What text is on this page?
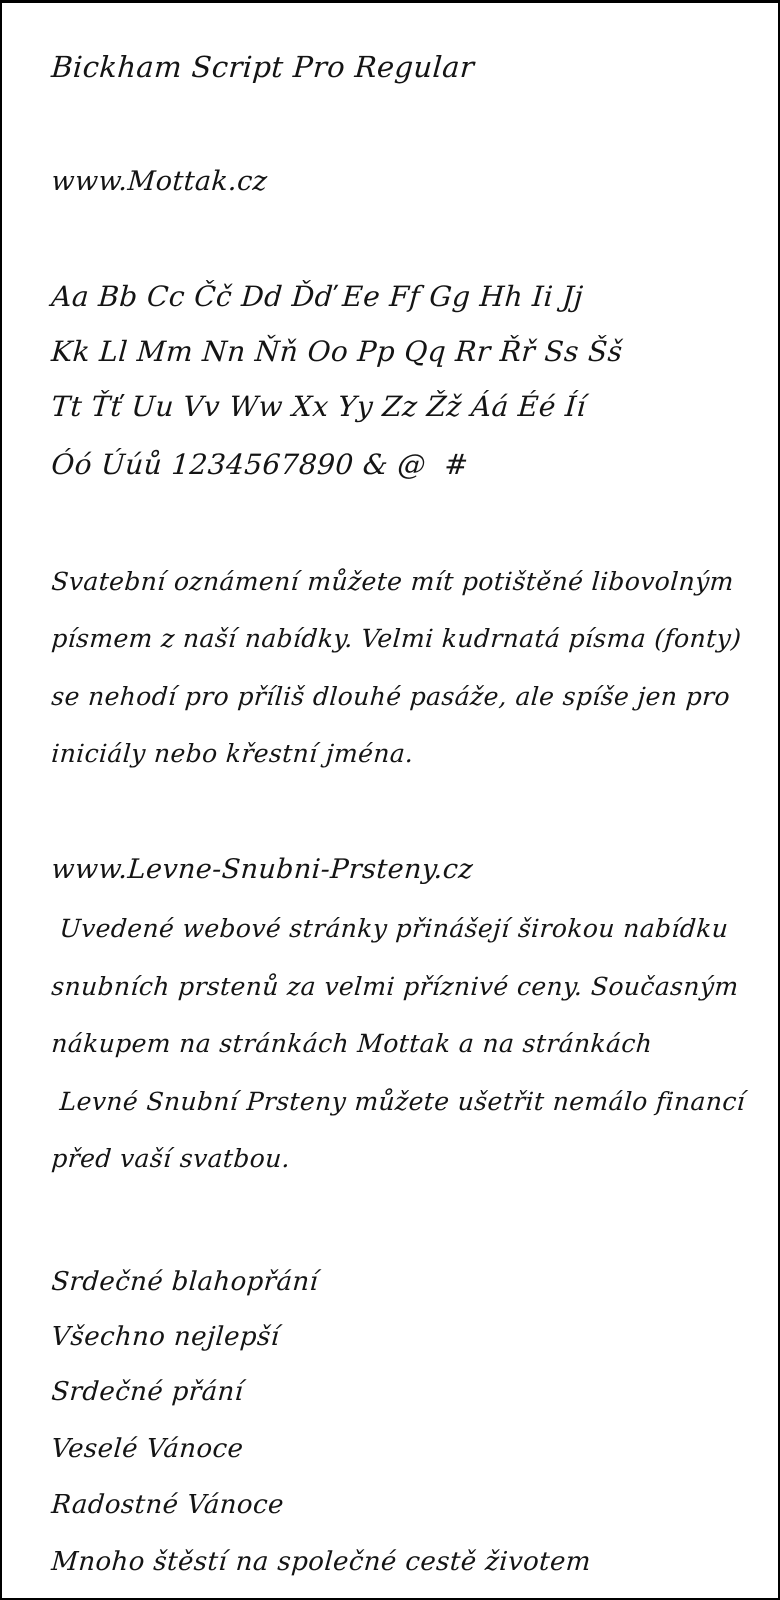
Bickham Script Pro Regular
www.Mottak.cz
Aa Bb Cc Čč Dd Ďď Ee Ff Gg Hh Ii Jj
Kk Ll Mm Nn Ňň Oo Pp Qq Rr Řř Ss Šš
Tt Ťť Uu Vv Ww Xx Yy Zz Žž Áá Éé Íí
Óó Úúů 1234567890 & @  #
Svatební oznámení můžete mít potištěné libovolným
písmem z naší nabídky. Velmi kudrnatá písma (fonty)
se nehodí pro příliš dlouhé pasáže, ale spíše jen pro
iniciály nebo křestní jména.
www.Levne-Snubni-Prsteny.cz
Uvedené webové stránky přinášejí širokou nabídku
snubních prstenů za velmi příznivé ceny. Současným
nákupem na stránkách Mottak a na stránkách
Levné Snubní Prsteny můžete ušetřit nemálo financí
před vaší svatbou.
Srdečné blahopřání
Všechno nejlepší
Srdečné přání
Veselé Vánoce
Radostné Vánoce
Mnoho štěstí na společné cestě životem
